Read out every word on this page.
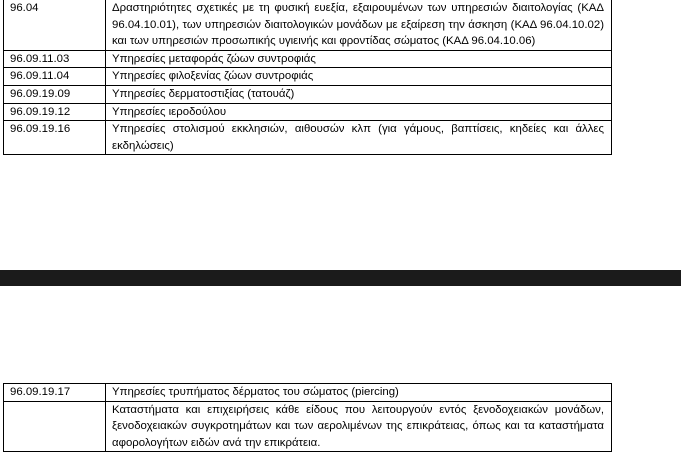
96.04	Δραστηριότητες σχετικές με τη φυσική ευεξία, εξαιρουμένων των υπηρεσιών διαιτολογίας (ΚΑΔ 96.04.10.01), των υπηρεσιών διαιτολογικών μονάδων με εξαίρεση την άσκηση (ΚΑΔ 96.04.10.02) και των υπηρεσιών προσωπικής υγιεινής και φροντίδας σώματος (ΚΑΔ 96.04.10.06)
96.09.11.03	Υπηρεσίες μεταφοράς ζώων συντροφιάς
96.09.11.04	Υπηρεσίες φιλοξενίας ζώων συντροφιάς
96.09.19.09	Υπηρεσίες δερματοστιξίας (τατουάζ)
96.09.19.12	Υπηρεσίες ιεροδούλου
96.09.19.16	Υπηρεσίες στολισμού εκκλησιών, αιθουσών κλπ (για γάμους, βαπτίσεις, κηδείες και άλλες εκδηλώσεις)
96.09.19.17	Υπηρεσίες τρυπήματος δέρματος του σώματος (piercing)
	Καταστήματα και επιχειρήσεις κάθε είδους που λειτουργούν εντός ξενοδοχειακών μονάδων, ξενοδοχειακών συγκροτημάτων και των αερολιμένων της επικράτειας, όπως και τα καταστήματα αφορολογήτων ειδών ανά την επικράτεια.
